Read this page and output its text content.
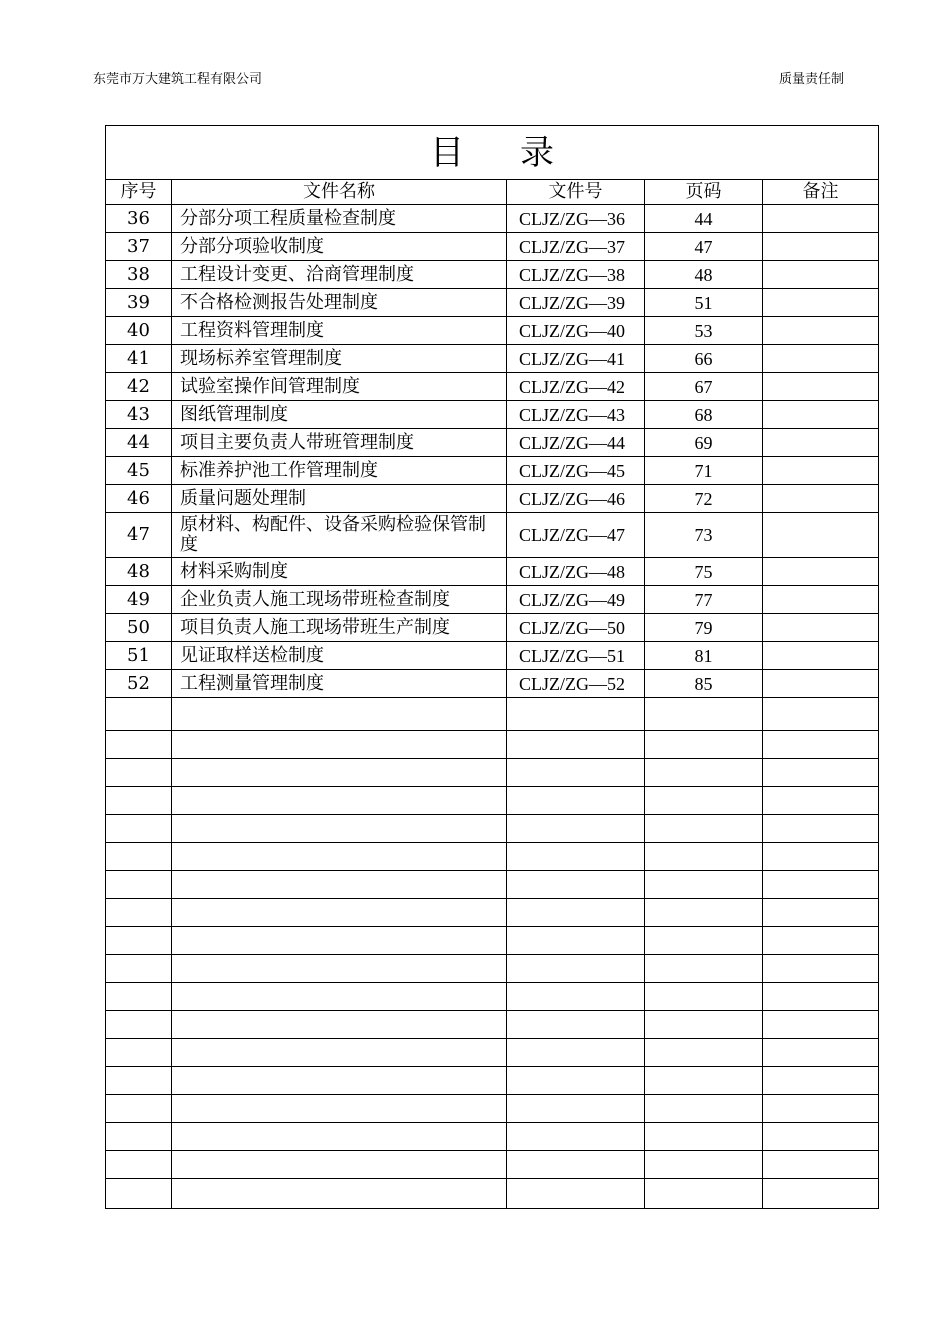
东莞市万大建筑工程有限公司	质量责任制
目录				
序号	文件名称	文件号	页码	备注
36	分部分项工程质量检查制度	CLJZ/ZG—36	44	
37	分部分项验收制度	CLJZ/ZG—37	47	
38	工程设计变更、洽商管理制度	CLJZ/ZG—38	48	
39	不合格检测报告处理制度	CLJZ/ZG—39	51	
40	工程资料管理制度	CLJZ/ZG—40	53	
41	现场标养室管理制度	CLJZ/ZG—41	66	
42	试验室操作间管理制度	CLJZ/ZG—42	67	
43	图纸管理制度	CLJZ/ZG—43	68	
44	项目主要负责人带班管理制度	CLJZ/ZG—44	69	
45	标准养护池工作管理制度	CLJZ/ZG—45	71	
46	质量问题处理制	CLJZ/ZG—46	72	
47	原材料、构配件、设备采购检验保管制度	CLJZ/ZG—47	73	
48	材料采购制度	CLJZ/ZG—48	75	
49	企业负责人施工现场带班检查制度	CLJZ/ZG—49	77	
50	项目负责人施工现场带班生产制度	CLJZ/ZG—50	79	
51	见证取样送检制度	CLJZ/ZG—51	81	
52	工程测量管理制度	CLJZ/ZG—52	85	
